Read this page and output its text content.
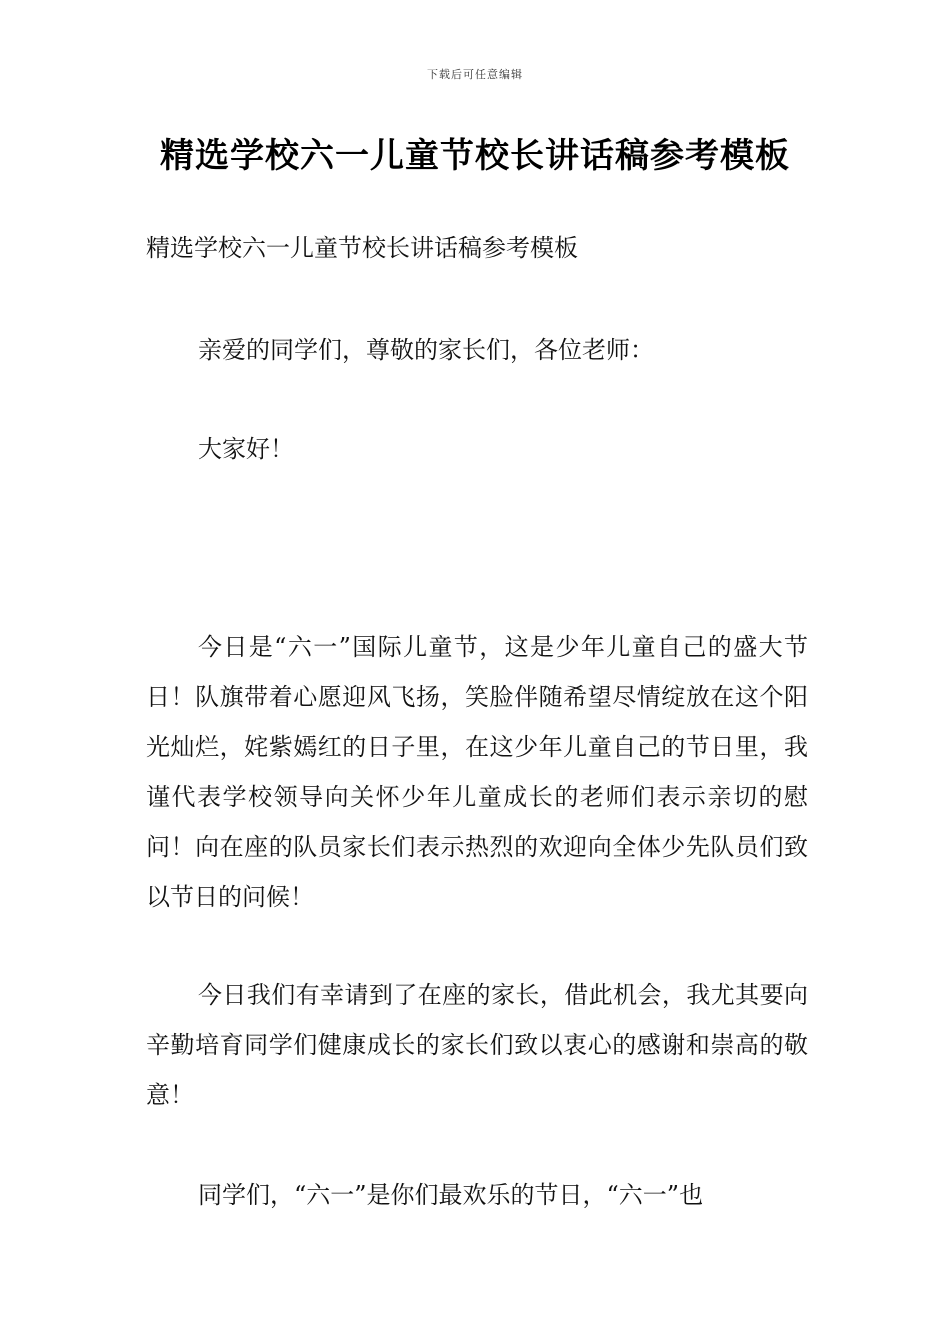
下载后可任意编辑
精选学校六一儿童节校长讲话稿参考模板

精选学校六一儿童节校长讲话稿参考模板

亲爱的同学们，尊敬的家长们，各位老师：

大家好！

今日是“六一”国际儿童节，这是少年儿童自己的盛大节日！队旗带着心愿迎风飞扬，笑脸伴随希望尽情绽放在这个阳光灿烂，姹紫嫣红的日子里，在这少年儿童自己的节日里，我谨代表学校领导向关怀少年儿童成长的老师们表示亲切的慰问！向在座的队员家长们表示热烈的欢迎向全体少先队员们致以节日的问候！

今日我们有幸请到了在座的家长，借此机会，我尤其要向辛勤培育同学们健康成长的家长们致以衷心的感谢和崇高的敬意！

同学们，“六一”是你们最欢乐的节日，“六一”也
